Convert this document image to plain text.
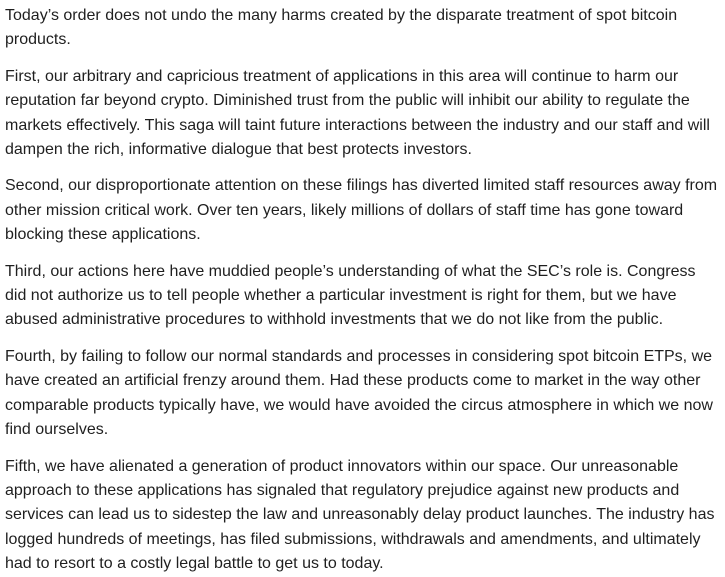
Today’s order does not undo the many harms created by the disparate treatment of spot bitcoin products.

First, our arbitrary and capricious treatment of applications in this area will continue to harm our reputation far beyond crypto. Diminished trust from the public will inhibit our ability to regulate the markets effectively. This saga will taint future interactions between the industry and our staff and will dampen the rich, informative dialogue that best protects investors.

Second, our disproportionate attention on these filings has diverted limited staff resources away from other mission critical work. Over ten years, likely millions of dollars of staff time has gone toward blocking these applications.

Third, our actions here have muddied people’s understanding of what the SEC’s role is. Congress did not authorize us to tell people whether a particular investment is right for them, but we have abused administrative procedures to withhold investments that we do not like from the public.

Fourth, by failing to follow our normal standards and processes in considering spot bitcoin ETPs, we have created an artificial frenzy around them. Had these products come to market in the way other comparable products typically have, we would have avoided the circus atmosphere in which we now find ourselves.

Fifth, we have alienated a generation of product innovators within our space. Our unreasonable approach to these applications has signaled that regulatory prejudice against new products and services can lead us to sidestep the law and unreasonably delay product launches. The industry has logged hundreds of meetings, has filed submissions, withdrawals and amendments, and ultimately had to resort to a costly legal battle to get us to today.
